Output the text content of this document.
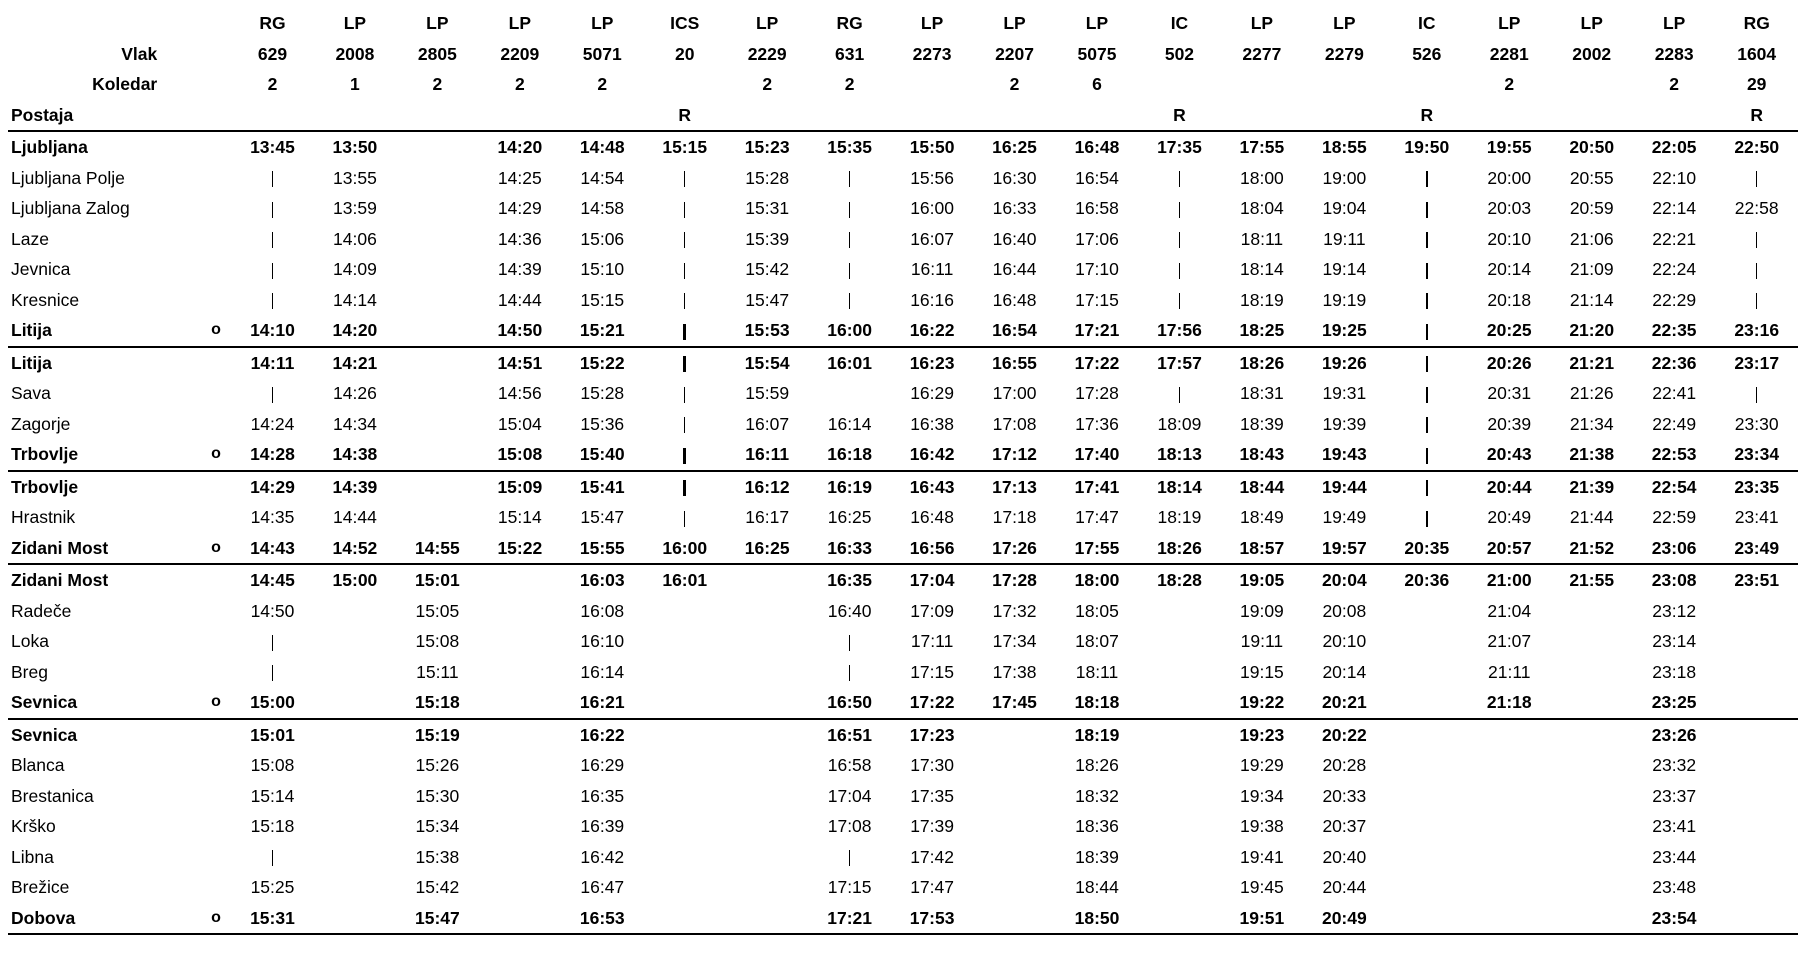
		RG	LP	LP	LP	LP	ICS	LP	RG	LP	LP	LP	IC	LP	LP	IC	LP	LP	LP	RG
Vlak		629	2008	2805	2209	5071	20	2229	631	2273	2207	5075	502	2277	2279	526	2281	2002	2283	1604
Koledar		2	1	2	2	2		2	2		2	6					2		2	29
Postaja							R						R			R				R
Ljubljana		13:45	13:50		14:20	14:48	15:15	15:23	15:35	15:50	16:25	16:48	17:35	17:55	18:55	19:50	19:55	20:50	22:05	22:50
Ljubljana Polje			13:55		14:25	14:54		15:28		15:56	16:30	16:54		18:00	19:00		20:00	20:55	22:10	
Ljubljana Zalog			13:59		14:29	14:58		15:31		16:00	16:33	16:58		18:04	19:04		20:03	20:59	22:14	22:58
Laze			14:06		14:36	15:06		15:39		16:07	16:40	17:06		18:11	19:11		20:10	21:06	22:21	
Jevnica			14:09		14:39	15:10		15:42		16:11	16:44	17:10		18:14	19:14		20:14	21:09	22:24	
Kresnice			14:14		14:44	15:15		15:47		16:16	16:48	17:15		18:19	19:19		20:18	21:14	22:29	
Litija	o	14:10	14:20		14:50	15:21		15:53	16:00	16:22	16:54	17:21	17:56	18:25	19:25		20:25	21:20	22:35	23:16
Litija		14:11	14:21		14:51	15:22		15:54	16:01	16:23	16:55	17:22	17:57	18:26	19:26		20:26	21:21	22:36	23:17
Sava			14:26		14:56	15:28		15:59		16:29	17:00	17:28		18:31	19:31		20:31	21:26	22:41	
Zagorje		14:24	14:34		15:04	15:36		16:07	16:14	16:38	17:08	17:36	18:09	18:39	19:39		20:39	21:34	22:49	23:30
Trbovlje	o	14:28	14:38		15:08	15:40		16:11	16:18	16:42	17:12	17:40	18:13	18:43	19:43		20:43	21:38	22:53	23:34
Trbovlje		14:29	14:39		15:09	15:41		16:12	16:19	16:43	17:13	17:41	18:14	18:44	19:44		20:44	21:39	22:54	23:35
Hrastnik		14:35	14:44		15:14	15:47		16:17	16:25	16:48	17:18	17:47	18:19	18:49	19:49		20:49	21:44	22:59	23:41
Zidani Most	o	14:43	14:52	14:55	15:22	15:55	16:00	16:25	16:33	16:56	17:26	17:55	18:26	18:57	19:57	20:35	20:57	21:52	23:06	23:49
Zidani Most		14:45	15:00	15:01		16:03	16:01		16:35	17:04	17:28	18:00	18:28	19:05	20:04	20:36	21:00	21:55	23:08	23:51
Radeče		14:50		15:05		16:08			16:40	17:09	17:32	18:05		19:09	20:08		21:04		23:12	
Loka				15:08		16:10				17:11	17:34	18:07		19:11	20:10		21:07		23:14	
Breg				15:11		16:14				17:15	17:38	18:11		19:15	20:14		21:11		23:18	
Sevnica	o	15:00		15:18		16:21			16:50	17:22	17:45	18:18		19:22	20:21		21:18		23:25	
Sevnica		15:01		15:19		16:22			16:51	17:23		18:19		19:23	20:22				23:26	
Blanca		15:08		15:26		16:29			16:58	17:30		18:26		19:29	20:28				23:32	
Brestanica		15:14		15:30		16:35			17:04	17:35		18:32		19:34	20:33				23:37	
Krško		15:18		15:34		16:39			17:08	17:39		18:36		19:38	20:37				23:41	
Libna				15:38		16:42				17:42		18:39		19:41	20:40				23:44	
Brežice		15:25		15:42		16:47			17:15	17:47		18:44		19:45	20:44				23:48	
Dobova	o	15:31		15:47		16:53			17:21	17:53		18:50		19:51	20:49				23:54	
